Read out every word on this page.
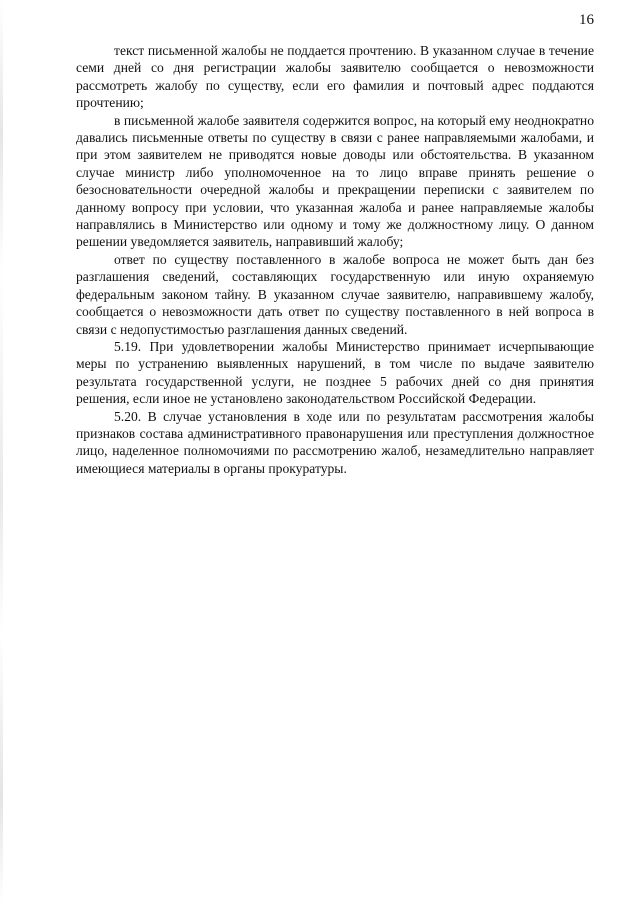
16

текст письменной жалобы не поддается прочтению. В указанном случае в течение семи дней со дня регистрации жалобы заявителю сообщается о невозможности рассмотреть жалобу по существу, если его фамилия и почтовый адрес поддаются прочтению;

в письменной жалобе заявителя содержится вопрос, на который ему неоднократно давались письменные ответы по существу в связи с ранее направляемыми жалобами, и при этом заявителем не приводятся новые доводы или обстоятельства. В указанном случае министр либо уполномоченное на то лицо вправе принять решение о безосновательности очередной жалобы и прекращении переписки с заявителем по данному вопросу при условии, что указанная жалоба и ранее направляемые жалобы направлялись в Министерство или одному и тому же должностному лицу. О данном решении уведомляется заявитель, направивший жалобу;

ответ по существу поставленного в жалобе вопроса не может быть дан без разглашения сведений, составляющих государственную или иную охраняемую федеральным законом тайну. В указанном случае заявителю, направившему жалобу, сообщается о невозможности дать ответ по существу поставленного в ней вопроса в связи с недопустимостью разглашения данных сведений.

5.19. При удовлетворении жалобы Министерство принимает исчерпывающие меры по устранению выявленных нарушений, в том числе по выдаче заявителю результата государственной услуги, не позднее 5 рабочих дней со дня принятия решения, если иное не установлено законодательством Российской Федерации.

5.20. В случае установления в ходе или по результатам рассмотрения жалобы признаков состава административного правонарушения или преступления должностное лицо, наделенное полномочиями по рассмотрению жалоб, незамедлительно направляет имеющиеся материалы в органы прокуратуры.
